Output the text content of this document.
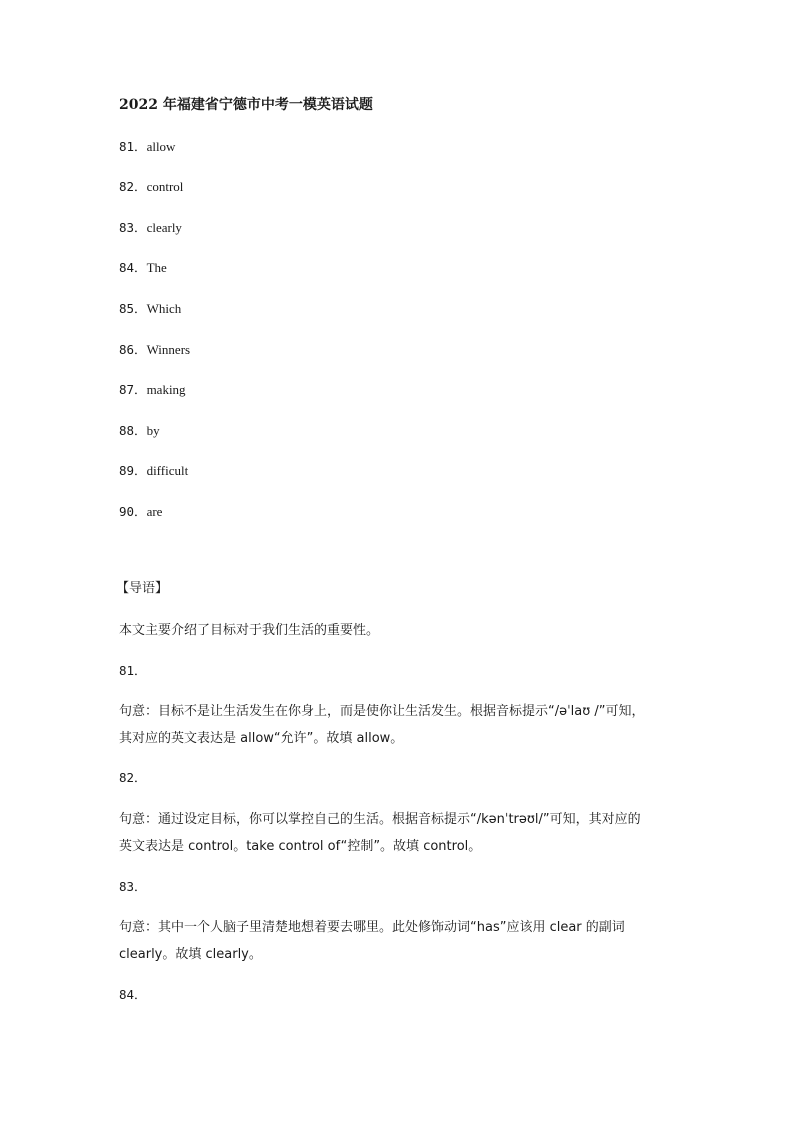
2022 年福建省宁德市中考一模英语试题
81．allow
82．control
83．clearly
84．The
85．Which
86．Winners
87．making
88．by
89．difficult
90．are
【导语】
本文主要介绍了目标对于我们生活的重要性。
81．
句意：目标不是让生活发生在你身上，而是使你让生活发生。根据音标提示“/əˈlaʊ /”可知，
其对应的英文表达是 allow“允许”。故填 allow。
82．
句意：通过设定目标，你可以掌控自己的生活。根据音标提示“/kənˈtrəʊl/”可知，其对应的
英文表达是 control。take control of“控制”。故填 control。
83．
句意：其中一个人脑子里清楚地想着要去哪里。此处修饰动词“has”应该用 clear 的副词
clearly。故填 clearly。
84．
